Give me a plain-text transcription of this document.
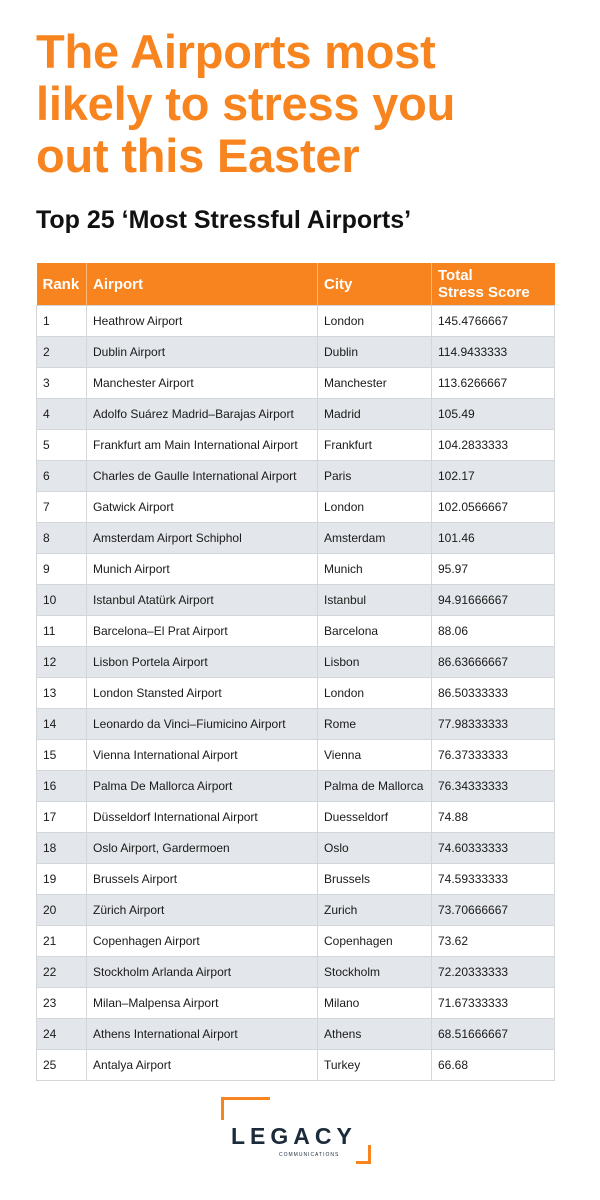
The Airports most
likely to stress you
out this Easter
Top 25 ‘Most Stressful Airports’
Rank	Airport	City	Total
Stress Score

1	Heathrow Airport	London	145.4766667
2	Dublin Airport	Dublin	114.9433333
3	Manchester Airport	Manchester	113.6266667
4	Adolfo Suárez Madrid–Barajas Airport	Madrid	105.49
5	Frankfurt am Main International Airport	Frankfurt	104.2833333
6	Charles de Gaulle International Airport	Paris	102.17
7	Gatwick Airport	London	102.0566667
8	Amsterdam Airport Schiphol	Amsterdam	101.46
9	Munich Airport	Munich	95.97
10	Istanbul Atatürk Airport	Istanbul	94.91666667
11	Barcelona–El Prat Airport	Barcelona	88.06
12	Lisbon Portela Airport	Lisbon	86.63666667
13	London Stansted Airport	London	86.50333333
14	Leonardo da Vinci–Fiumicino Airport	Rome	77.98333333
15	Vienna International Airport	Vienna	76.37333333
16	Palma De Mallorca Airport	Palma de Mallorca	76.34333333
17	Düsseldorf International Airport	Duesseldorf	74.88
18	Oslo Airport, Gardermoen	Oslo	74.60333333
19	Brussels Airport	Brussels	74.59333333
20	Zürich Airport	Zurich	73.70666667
21	Copenhagen Airport	Copenhagen	73.62
22	Stockholm Arlanda Airport	Stockholm	72.20333333
23	Milan–Malpensa Airport	Milano	71.67333333
24	Athens International Airport	Athens	68.51666667
25	Antalya Airport	Turkey	66.68
LEGACY
COMMUNICATIONS
